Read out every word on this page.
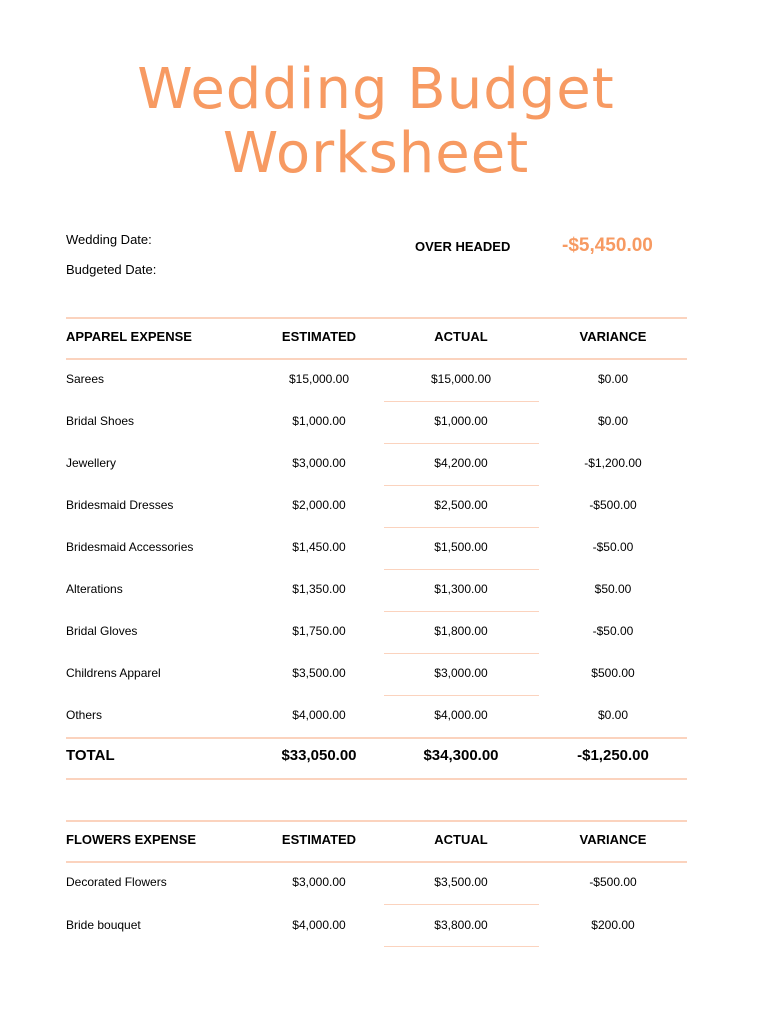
Wedding Budget
Worksheet
Wedding Date:
Budgeted Date:
OVER HEADED	-$5,450.00
APPAREL EXPENSE	ESTIMATED	ACTUAL	VARIANCE
Sarees	$15,000.00	$15,000.00	$0.00
Bridal Shoes	$1,000.00	$1,000.00	$0.00
Jewellery	$3,000.00	$4,200.00	-$1,200.00
Bridesmaid Dresses	$2,000.00	$2,500.00	-$500.00
Bridesmaid Accessories	$1,450.00	$1,500.00	-$50.00
Alterations	$1,350.00	$1,300.00	$50.00
Bridal Gloves	$1,750.00	$1,800.00	-$50.00
Childrens Apparel	$3,500.00	$3,000.00	$500.00
Others	$4,000.00	$4,000.00	$0.00
TOTAL	$33,050.00	$34,300.00	-$1,250.00
FLOWERS EXPENSE	ESTIMATED	ACTUAL	VARIANCE
Decorated Flowers	$3,000.00	$3,500.00	-$500.00
Bride bouquet	$4,000.00	$3,800.00	$200.00
